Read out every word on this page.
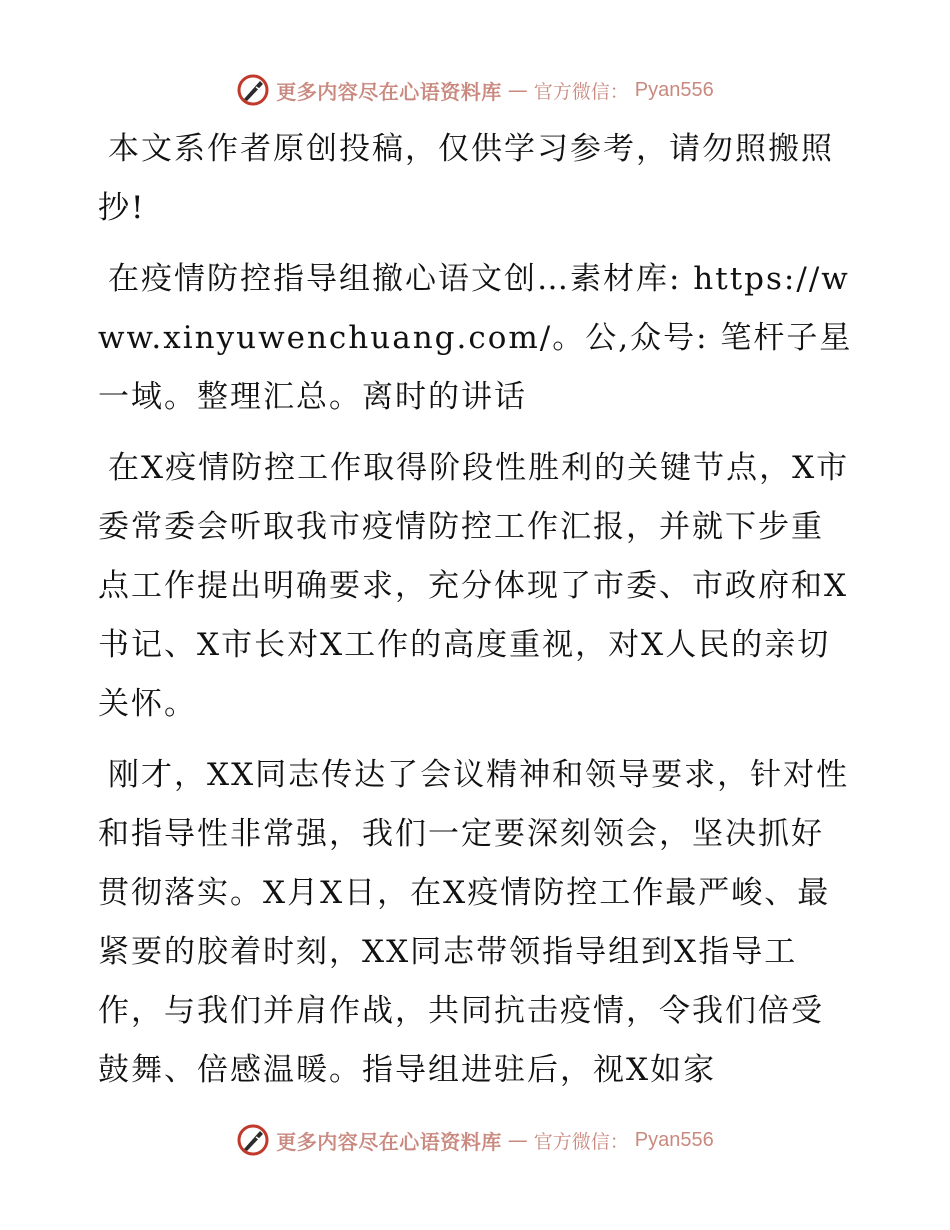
更多内容尽在心语资料库 — 官方微信： Pyan556

本文系作者原创投稿，仅供学习参考，请勿照搬照抄!

在疫情防控指导组撤心语文创…素材库: https://www.xinyuwenchuang.com/。公,众号: 笔杆子星一域。整理汇总。离时的讲话

在X疫情防控工作取得阶段性胜利的关键节点，X市委常委会听取我市疫情防控工作汇报，并就下步重点工作提出明确要求，充分体现了市委、市政府和X书记、X市长对X工作的高度重视，对X人民的亲切关怀。

刚才，XX同志传达了会议精神和领导要求，针对性和指导性非常强，我们一定要深刻领会，坚决抓好贯彻落实。X月X日，在X疫情防控工作最严峻、最紧要的胶着时刻，XX同志带领指导组到X指导工作，与我们并肩作战，共同抗击疫情，令我们倍受鼓舞、倍感温暖。指导组进驻后，视X如家

更多内容尽在心语资料库 — 官方微信： Pyan556
